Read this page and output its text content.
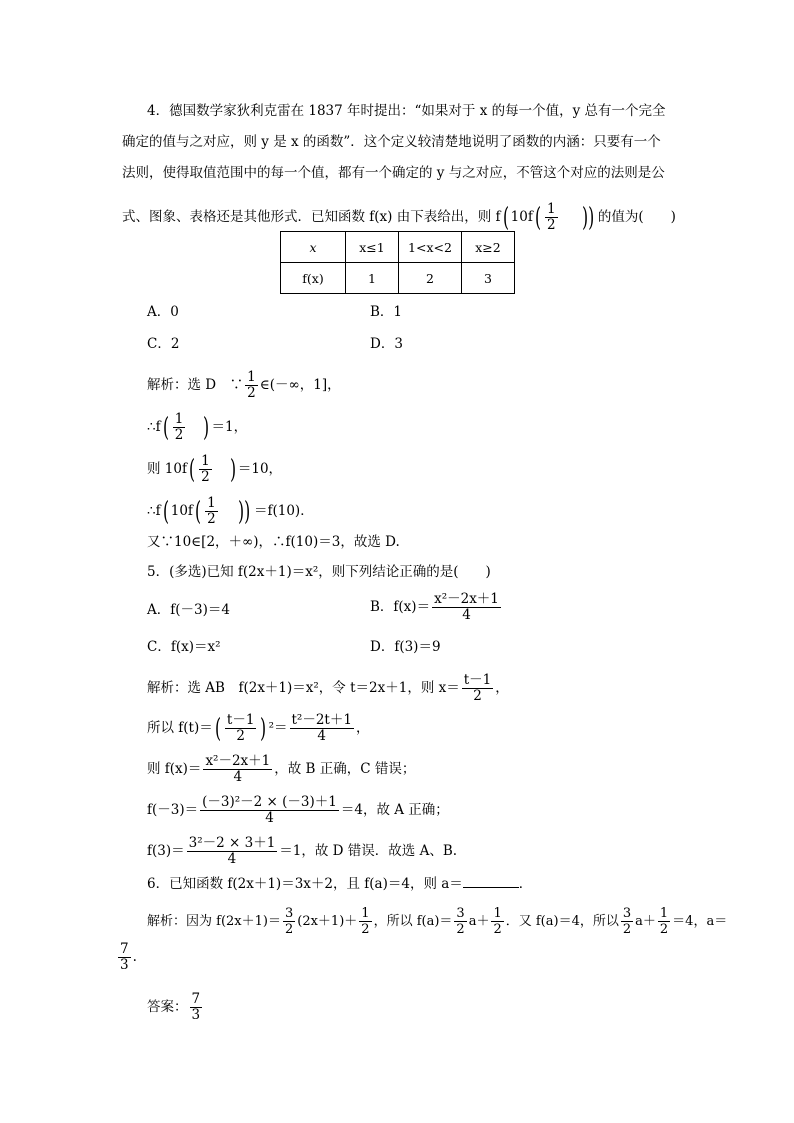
4．德国数学家狄利克雷在 1837 年时提出：“如果对于 x 的每一个值，y 总有一个完全
确定的值与之对应，则 y 是 x 的函数”．这个定义较清楚地说明了函数的内涵：只要有一个
法则，使得取值范围中的每一个值，都有一个确定的 y 与之对应，不管这个对应的法则是公
式、图象、表格还是其他形式．已知函数 f(x) 由下表给出，则 f( $10f( \frac{1}{2}$ )) 的值为(　　)
x	x≤1	1<x<2	x≥2
f(x)	1	2	3
A．0	B．1
C．2	D．3
解析：选 D　∵ $\frac{1}{2}$ ∈(－∞，1]，
∴f( $\frac{1}{2}$ ) ＝1，
则 $10f( \frac{1}{2}$ ) ＝10，
∴f( $10f( \frac{1}{2}$ )) ＝f(10)．
又∵10∈[2，＋∞)，∴f(10)＝3，故选 D.
5．(多选)已知 f(2x＋1)＝x²，则下列结论正确的是(　　)
A．f(－3)＝4	B．$f(x)= \frac{\text{x²－2x＋1}}{4}$
C．f(x)＝x²	D．f(3)＝9
解析：选 AB　f(2x＋1)＝x²，令 t＝2x＋1，则 $x= \frac{t-1}{2}$ ，
所以 $f(t)=( \frac{t-1}{2}$ ) $^2= \frac{\text{t²－2t＋1}}{4}$ ，
则 $f(x)= \frac{\text{x²－2x＋1}}{4}$ ，故 B 正确，C 错误；
$f(-3)= \frac{\text{(－3)²－2 × (－3)＋1}}{4} =4$，故 A 正确；
$f(3)= \frac{\text{3²－2 × 3＋1}}{4} =1$，故 D 错误．故选 A、B.
6．已知函数 f(2x＋1)＝3x＋2，且 f(a)＝4，则 a＝	．
解析：因为 $f(2x+1)= \frac{3}{2} (2x+1)+ \frac{1}{2}$ ，所以 $f(a)= \frac{3}{2} a+ \frac{1}{2}$ ．又 f(a)＝4，所以 $\frac{3}{2} a+ \frac{1}{2} =4$，a＝
$\frac{7}{3}$ .
答案： $\frac{7}{3}$
